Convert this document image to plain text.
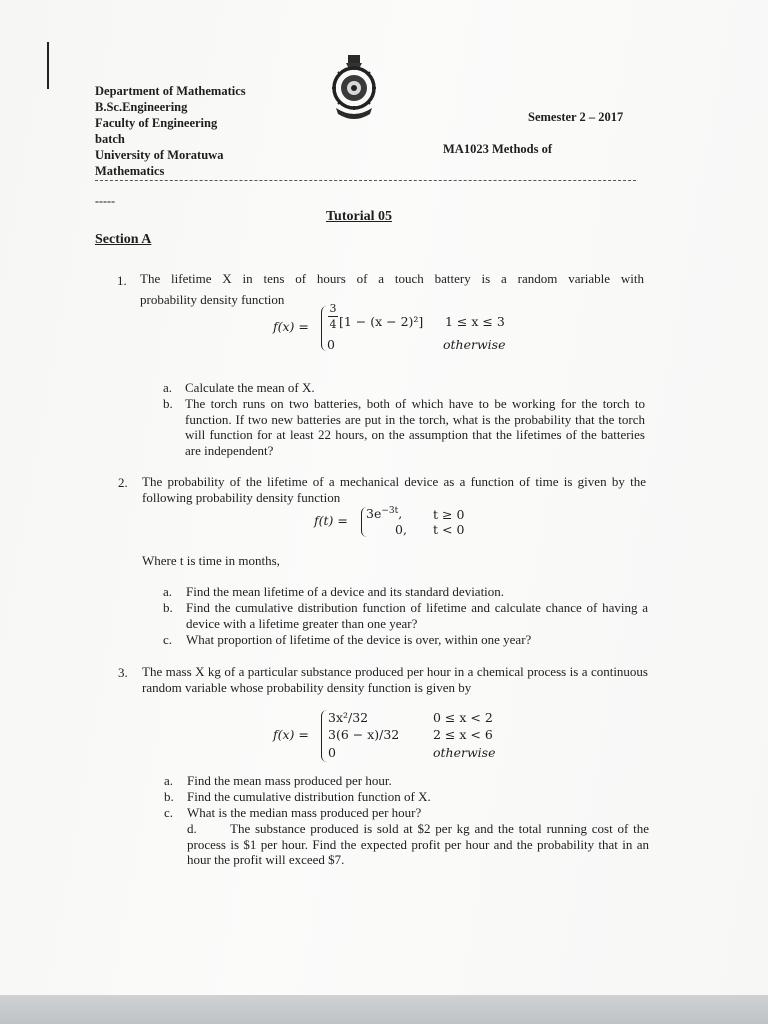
Department of Mathematics
B.Sc.Engineering
Faculty of Engineering
batch
University of Moratuwa
Mathematics
Semester 2 – 2017
MA1023 Methods of
-----
Tutorial 05
Section A
1. The lifetime X in tens of hours of a touch battery is a random variable with
probability density function
$f(x) = \frac{3}{4} [1 - (x - 2)^2] 1 \le x \le 3$
0	otherwise
a. Calculate the mean of X.
b. The torch runs on two batteries, both of which have to be working for the torch to function. If two new batteries are put in the torch, what is the probability that the torch will function for at least 22 hours, on the assumption that the lifetimes of the batteries are independent?
2. The probability of the lifetime of a mechanical device as a function of time is given by the following probability density function
$f(t) = 3e^{-3t}$, t ≥ 0
0, t < 0
Where t is time in months,
a. Find the mean lifetime of a device and its standard deviation.
b. Find the cumulative distribution function of lifetime and calculate chance of having a device with a lifetime greater than one year?
c. What proportion of lifetime of the device is over, within one year?
3. The mass X kg of a particular substance produced per hour in a chemical process is a continuous random variable whose probability density function is given by
f(x) =
3x²/32	0 ≤ x < 2
3(6 − x)/32	2 ≤ x < 6
0	otherwise
a. Find the mean mass produced per hour.
b. Find the cumulative distribution function of X.
c. What is the median mass produced per hour?
d.	The substance produced is sold at $2 per kg and the total running cost of the process is $1 per hour. Find the expected profit per hour and the probability that in an hour the profit will exceed $7.
